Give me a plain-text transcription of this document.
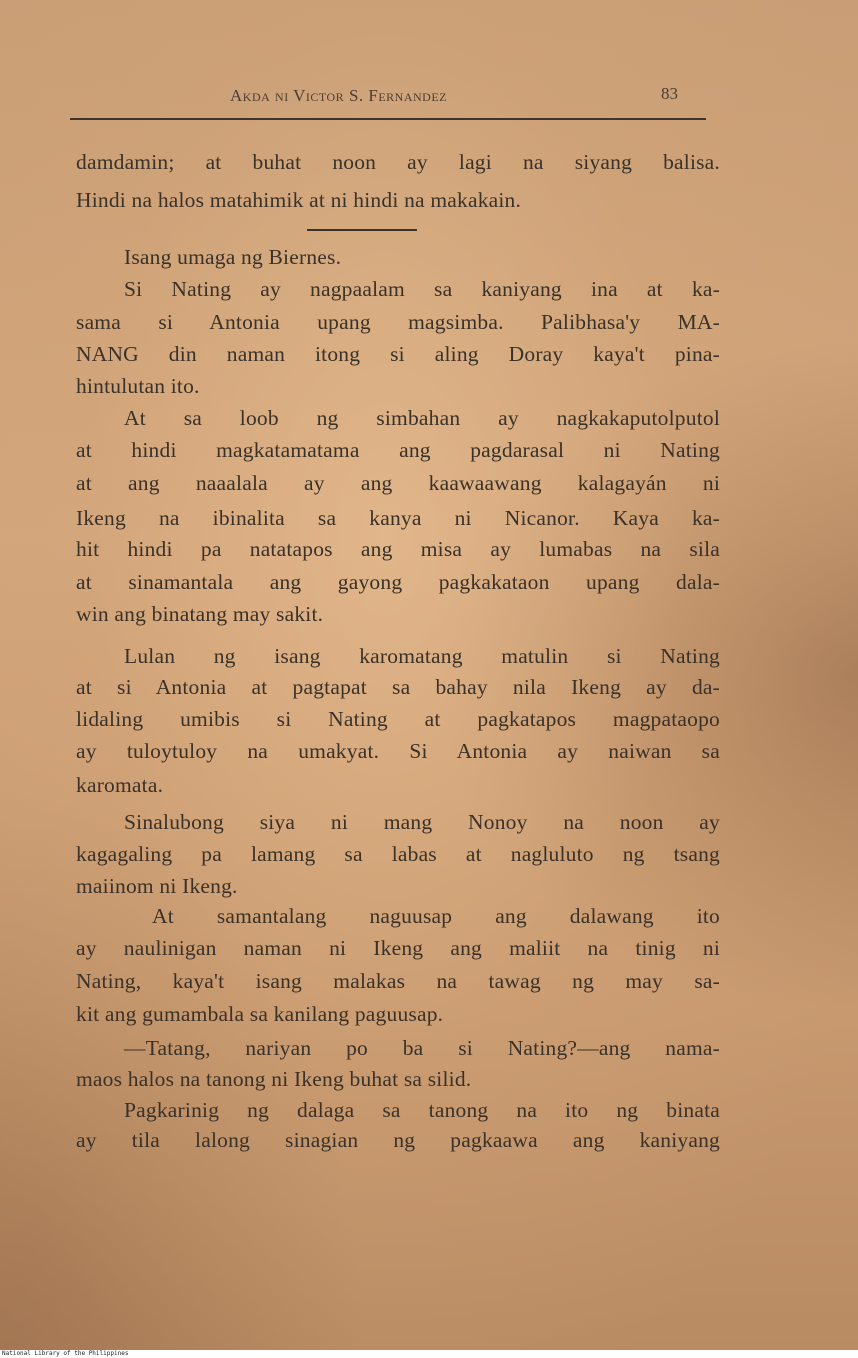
Akda ni Victor S. Fernandez	83
damdamin; at buhat noon ay lagi na siyang balisa.
Hindi na halos matahimik at ni hindi na makakain.
Isang umaga ng Biernes.
Si Nating ay nagpaalam sa kaniyang ina at ka-
sama si Antonia upang magsimba. Palibhasa'y MA-
NANG din naman itong si aling Doray kaya't pina-
hintulutan ito.
At sa loob ng simbahan ay nagkakaputolputol
at hindi magkatamatama ang pagdarasal ni Nating
at ang naaalala ay ang kaawaawang kalagayán ni
Ikeng na ibinalita sa kanya ni Nicanor. Kaya ka-
hit hindi pa natatapos ang misa ay lumabas na sila
at sinamantala ang gayong pagkakataon upang dala-
win ang binatang may sakit.
Lulan ng isang karomatang matulin si Nating
at si Antonia at pagtapat sa bahay nila Ikeng ay da-
lidaling umibis si Nating at pagkatapos magpataopo
ay tuloytuloy na umakyat. Si Antonia ay naiwan sa
karomata.
Sinalubong siya ni mang Nonoy na noon ay
kagagaling pa lamang sa labas at nagluluto ng tsang
maiinom ni Ikeng.
At samantalang naguusap ang dalawang ito
ay naulinigan naman ni Ikeng ang maliit na tinig ni
Nating, kaya't isang malakas na tawag ng may sa-
kit ang gumambala sa kanilang paguusap.
—Tatang, nariyan po ba si Nating?—ang nama-
maos halos na tanong ni Ikeng buhat sa silid.
Pagkarinig ng dalaga sa tanong na ito ng binata
ay tila lalong sinagian ng pagkaawa ang kaniyang
National Library of the Philippines
